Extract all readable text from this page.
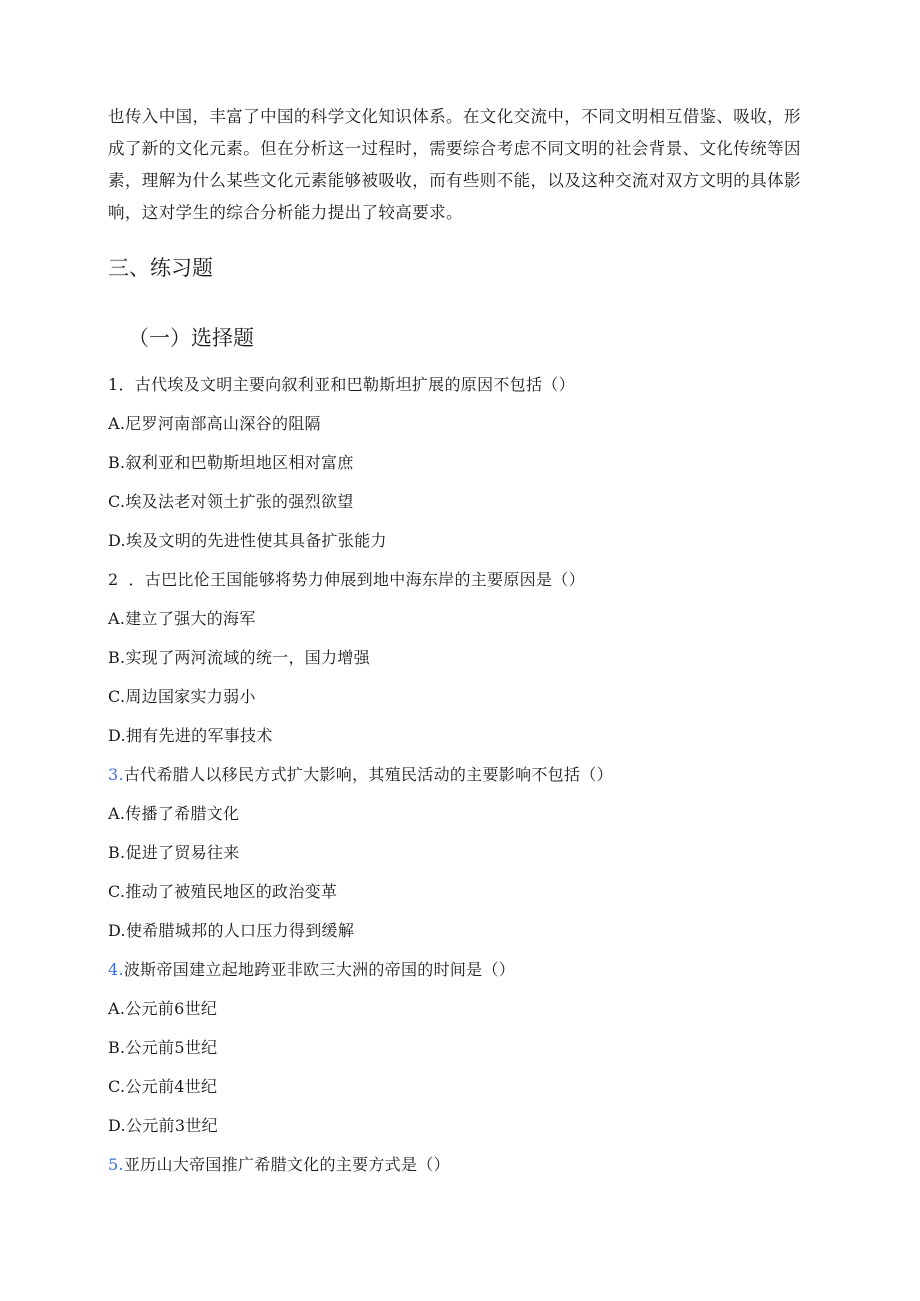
也传入中国，丰富了中国的科学文化知识体系。在文化交流中，不同文明相互借鉴、吸收，形
成了新的文化元素。但在分析这一过程时，需要综合考虑不同文明的社会背景、文化传统等因
素，理解为什么某些文化元素能够被吸收，而有些则不能，以及这种交流对双方文明的具体影
响，这对学生的综合分析能力提出了较高要求。
三、练习题
（一）选择题
1．古代埃及文明主要向叙利亚和巴勒斯坦扩展的原因不包括（）
A.尼罗河南部高山深谷的阻隔
B.叙利亚和巴勒斯坦地区相对富庶
C.埃及法老对领土扩张的强烈欲望
D.埃及文明的先进性使其具备扩张能力
2 ．古巴比伦王国能够将势力伸展到地中海东岸的主要原因是（）
A.建立了强大的海军
B.实现了两河流域的统一，国力增强
C.周边国家实力弱小
D.拥有先进的军事技术
3.古代希腊人以移民方式扩大影响，其殖民活动的主要影响不包括（）
A.传播了希腊文化
B.促进了贸易往来
C.推动了被殖民地区的政治变革
D.使希腊城邦的人口压力得到缓解
4.波斯帝国建立起地跨亚非欧三大洲的帝国的时间是（）
A.公元前6世纪
B.公元前5世纪
C.公元前4世纪
D.公元前3世纪
5.亚历山大帝国推广希腊文化的主要方式是（）
